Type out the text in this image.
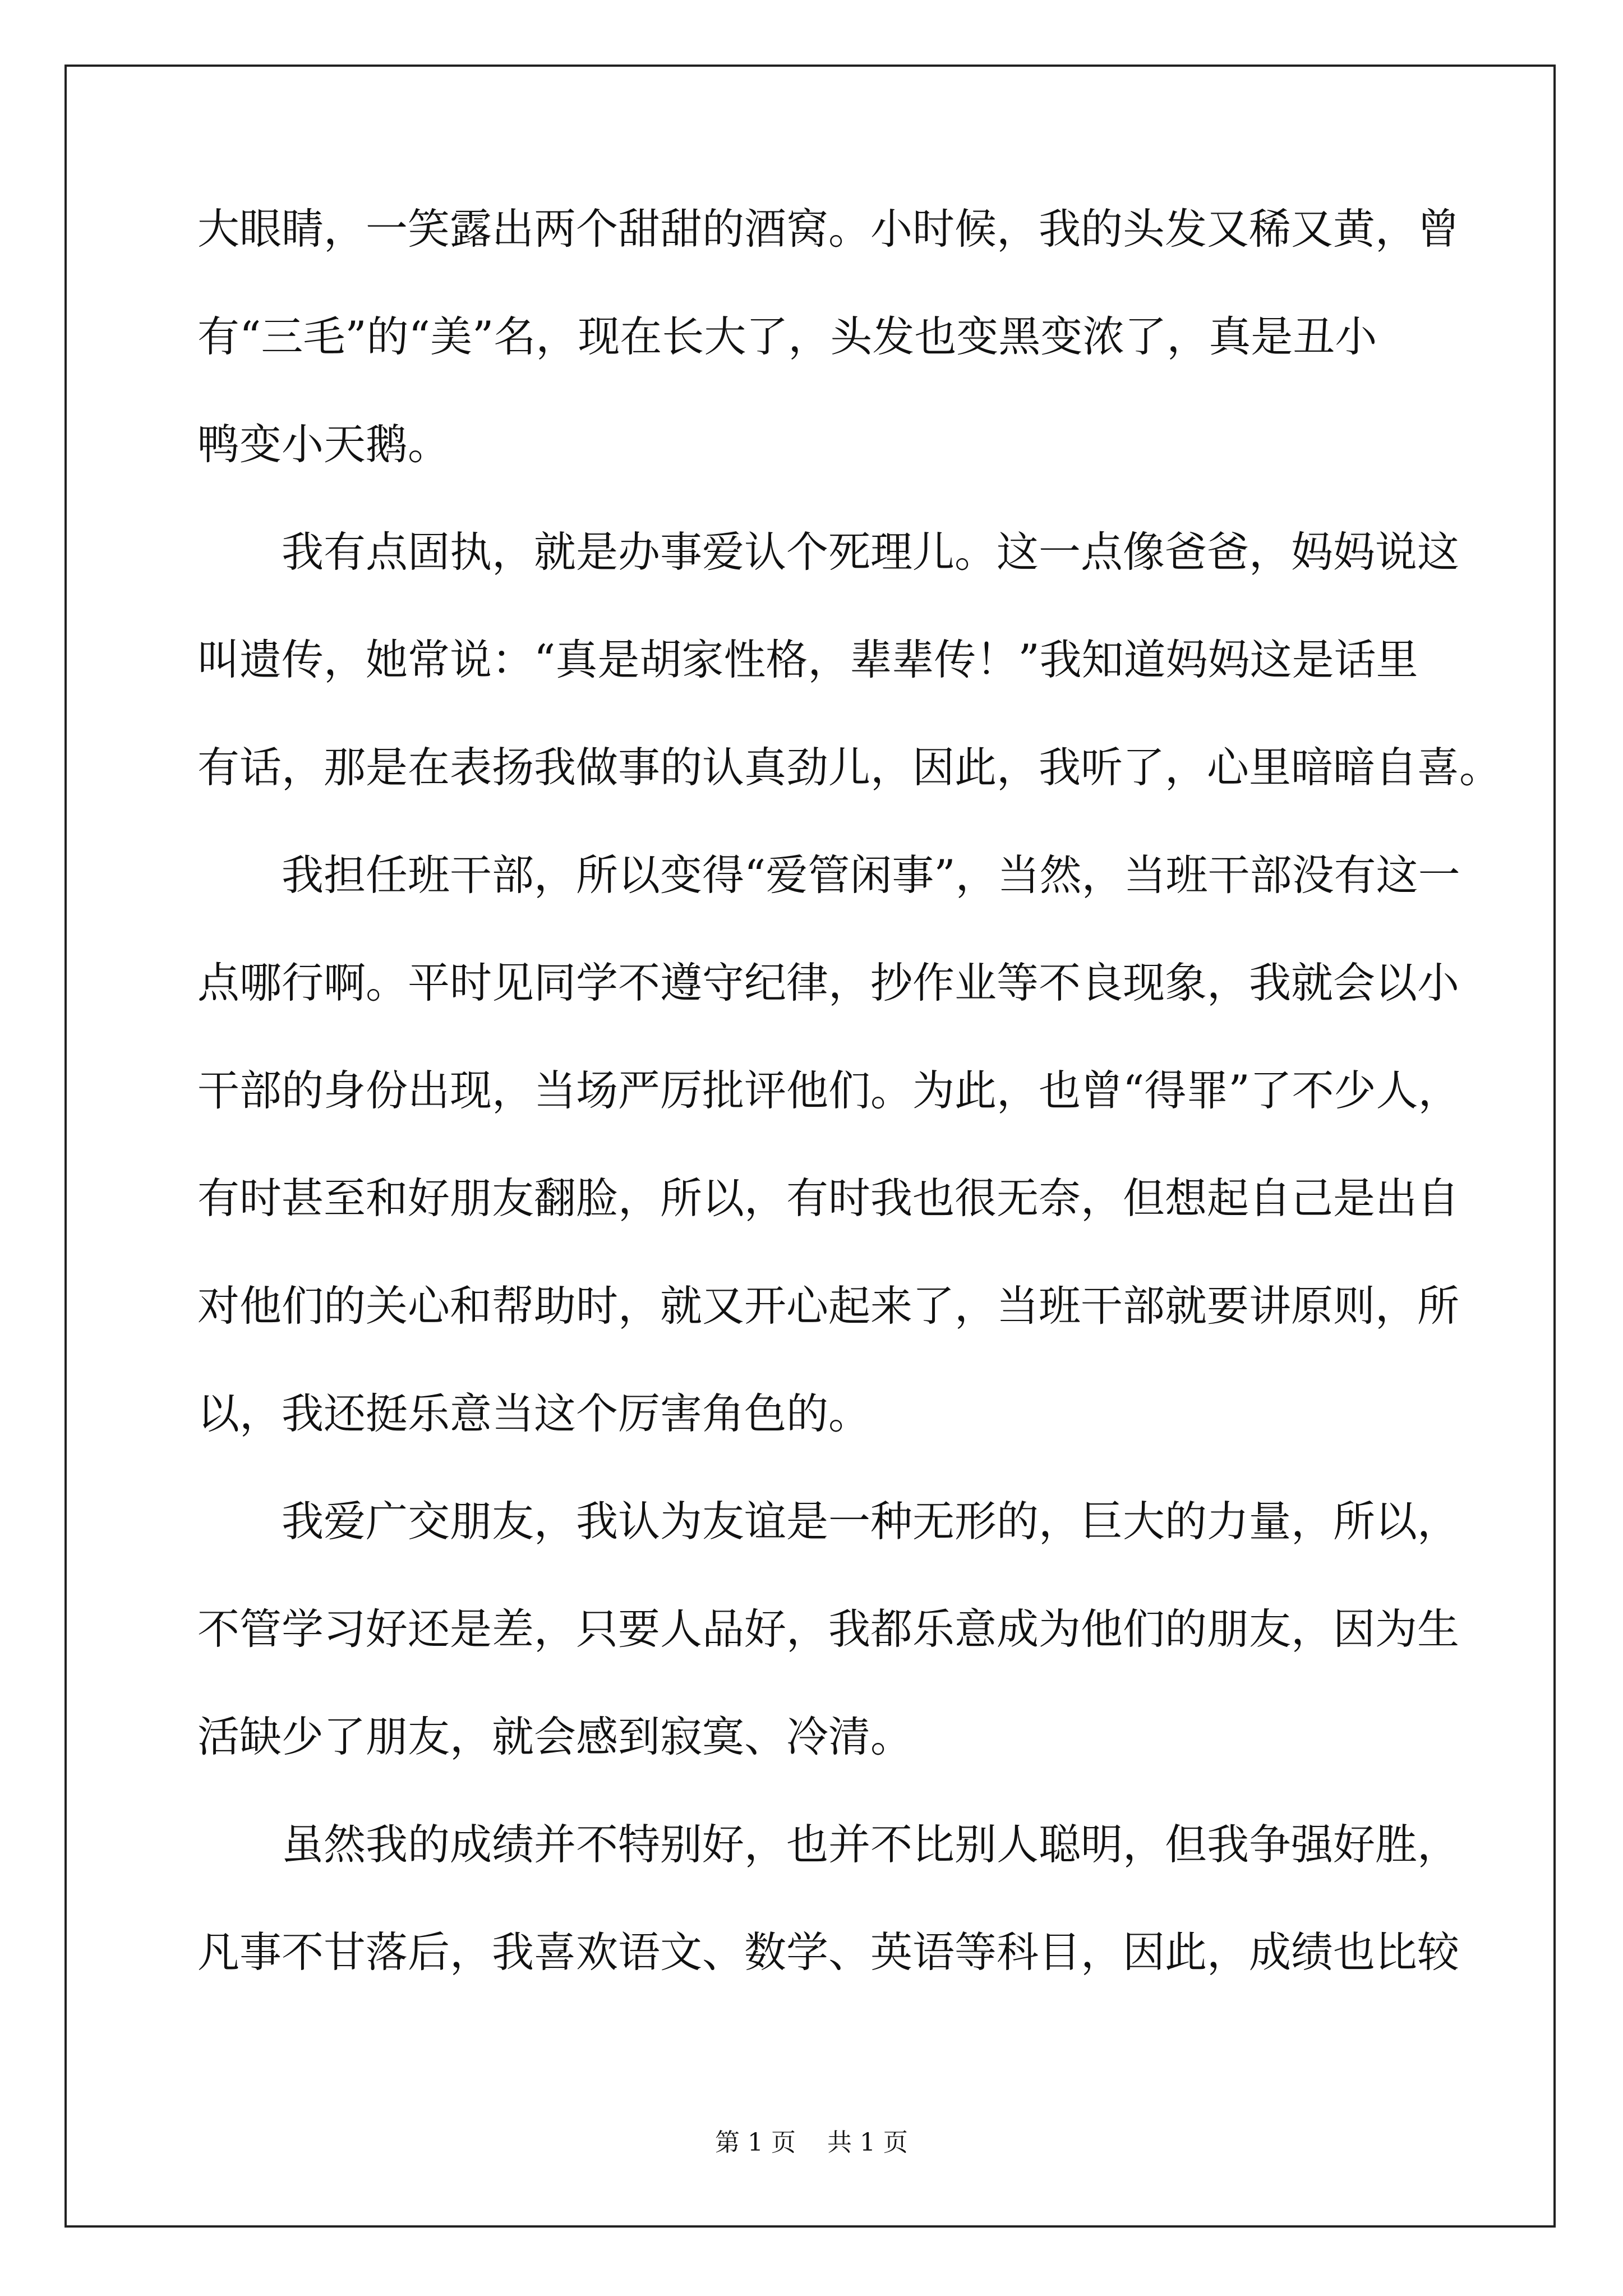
大眼睛，一笑露出两个甜甜的酒窝。小时候，我的头发又稀又黄，曾
有“三毛”的“美”名，现在长大了，头发也变黑变浓了，真是丑小
鸭变小天鹅。
我有点固执，就是办事爱认个死理儿。这一点像爸爸，妈妈说这
叫遗传，她常说：“真是胡家性格，辈辈传！”我知道妈妈这是话里
有话，那是在表扬我做事的认真劲儿，因此，我听了，心里暗暗自喜。
我担任班干部，所以变得“爱管闲事”，当然，当班干部没有这一
点哪行啊。平时见同学不遵守纪律，抄作业等不良现象，我就会以小
干部的身份出现，当场严厉批评他们。为此，也曾“得罪”了不少人，
有时甚至和好朋友翻脸，所以，有时我也很无奈，但想起自己是出自
对他们的关心和帮助时，就又开心起来了，当班干部就要讲原则，所
以，我还挺乐意当这个厉害角色的。
我爱广交朋友，我认为友谊是一种无形的，巨大的力量，所以，
不管学习好还是差，只要人品好，我都乐意成为他们的朋友，因为生
活缺少了朋友，就会感到寂寞、冷清。
虽然我的成绩并不特别好，也并不比别人聪明，但我争强好胜，
凡事不甘落后，我喜欢语文、数学、英语等科目，因此，成绩也比较
第 1 页 共 1 页
